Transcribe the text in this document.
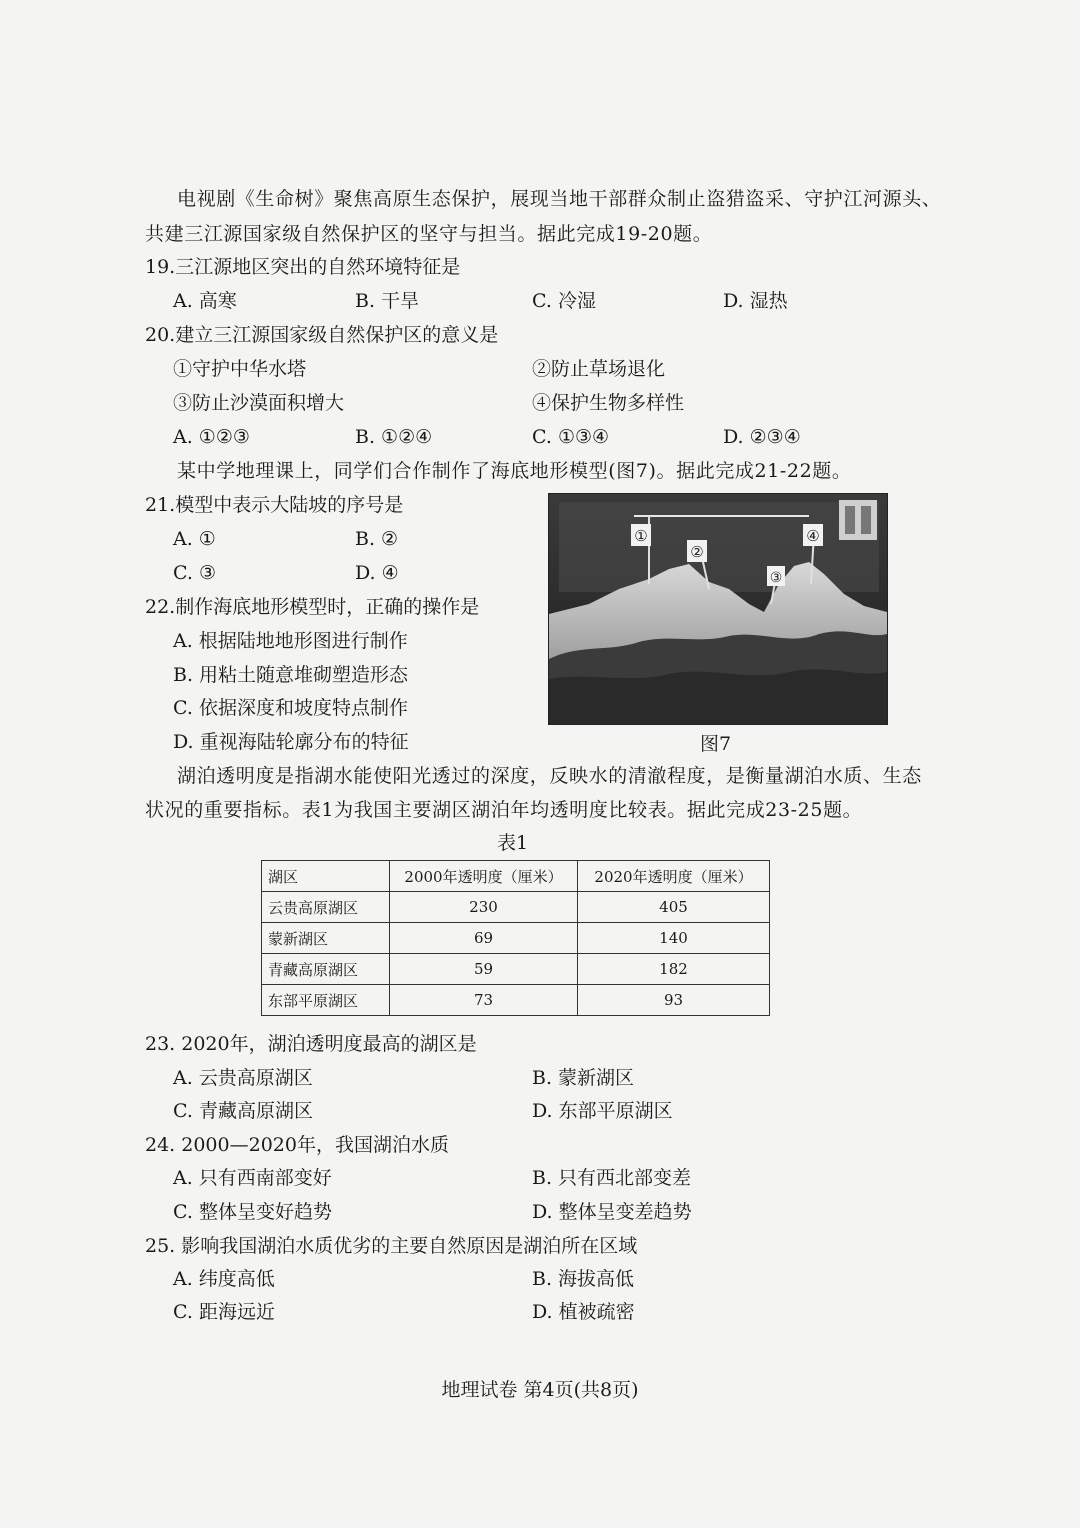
电视剧《生命树》聚焦高原生态保护，展现当地干部群众制止盗猎盗采、守护江河源头、
共建三江源国家级自然保护区的坚守与担当。据此完成19-20题。
19.三江源地区突出的自然环境特征是
A. 高寒	B. 干旱	C. 冷湿	D. 湿热
20.建立三江源国家级自然保护区的意义是
①守护中华水塔	②防止草场退化
③防止沙漠面积增大	④保护生物多样性
A. ①②③	B. ①②④	C. ①③④	D. ②③④
某中学地理课上，同学们合作制作了海底地形模型(图7)。据此完成21-22题。
21.模型中表示大陆坡的序号是
A. ①	B. ②
C. ③	D. ④
22.制作海底地形模型时，正确的操作是
A. 根据陆地地形图进行制作
B. 用粘土随意堆砌塑造形态
C. 依据深度和坡度特点制作
D. 重视海陆轮廓分布的特征
①
②
③
④
图7
湖泊透明度是指湖水能使阳光透过的深度，反映水的清澈程度，是衡量湖泊水质、生态
状况的重要指标。表1为我国主要湖区湖泊年均透明度比较表。据此完成23-25题。
表1
湖区	2000年透明度（厘米）	2020年透明度（厘米）
云贵高原湖区	230	405
蒙新湖区	69	140
青藏高原湖区	59	182
东部平原湖区	73	93
23. 2020年，湖泊透明度最高的湖区是
A. 云贵高原湖区	B. 蒙新湖区
C. 青藏高原湖区	D. 东部平原湖区
24. 2000—2020年，我国湖泊水质
A. 只有西南部变好	B. 只有西北部变差
C. 整体呈变好趋势	D. 整体呈变差趋势
25. 影响我国湖泊水质优劣的主要自然原因是湖泊所在区域
A. 纬度高低	B. 海拔高低
C. 距海远近	D. 植被疏密
地理试卷 第4页(共8页)
